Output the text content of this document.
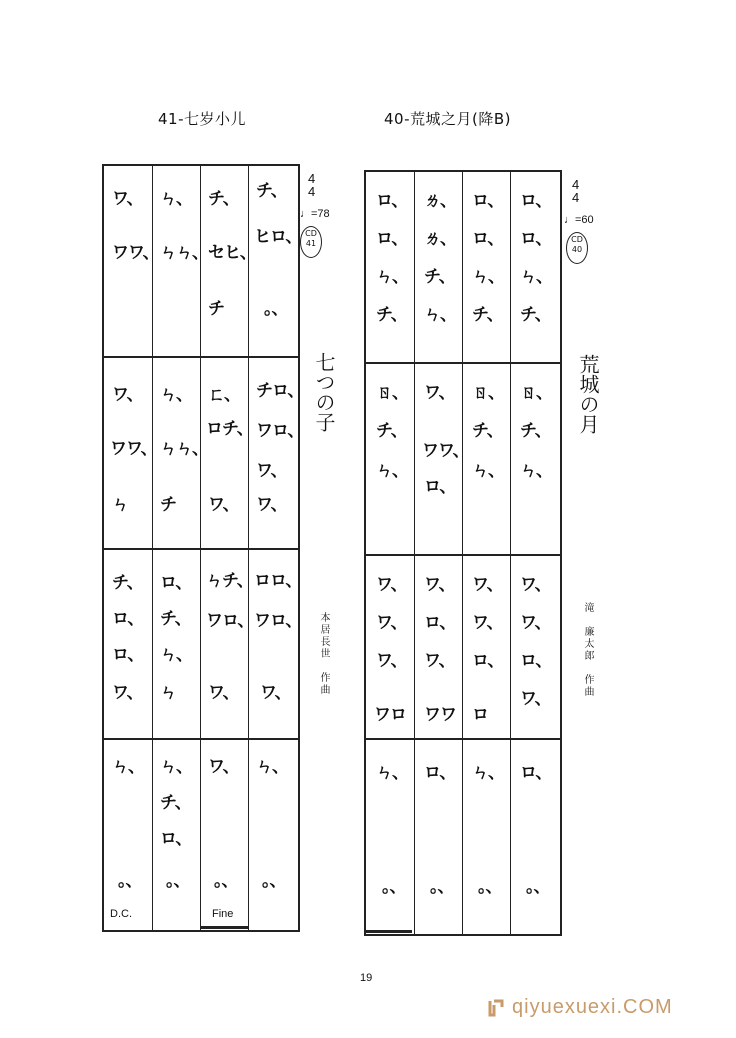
41-七岁小儿	40-荒城之月(降B)
ワ、
ワワ、
ㄣ、
ㄣㄣ、
チ、
セヒ、
チ
チ、
ヒロ、
。、
ワ、
ワワ、
ㄣ
ㄣ、
ㄣㄣ、
チ
ㄈ、
ロチ、
ワ、
チロ、
ワロ、
ワ、
ワ、
チ、
ロ、
ロ、
ワ、
ロ、
チ、
ㄣ、
ㄣ
ㄣチ、
ワロ、
ワ、
ロロ、
ワロ、
ワ、
ㄣ、
。、
ㄣ、
チ、
ロ、
。、
ワ、
。、
ㄣ、
。、
D.C.	Fine
4
4
♩=78
CD
41
七つの子
本居長世　作曲
ロ、
ロ、
ㄣ、
チ、
ㄌ、
ㄌ、
チ、
ㄣ、
ロ、
ロ、
ㄣ、
チ、
ロ、
ロ、
ㄣ、
チ、
ㄖ、
チ、
ㄣ、
ワ、
ワワ、
ロ、
ㄖ、
チ、
ㄣ、
ㄖ、
チ、
ㄣ、
ワ、
ワ、
ワ、
ワロ
ワ、
ロ、
ワ、
ワワ
ワ、
ワ、
ロ、
ロ
ワ、
ワ、
ロ、
ワ、
ㄣ、
。、
ロ、
。、
ㄣ、
。、
ロ、
。、
4
4
♩=60
CD
40
荒城の月
滝　廉太郎　作曲
19
qiyuexuexi.COM
